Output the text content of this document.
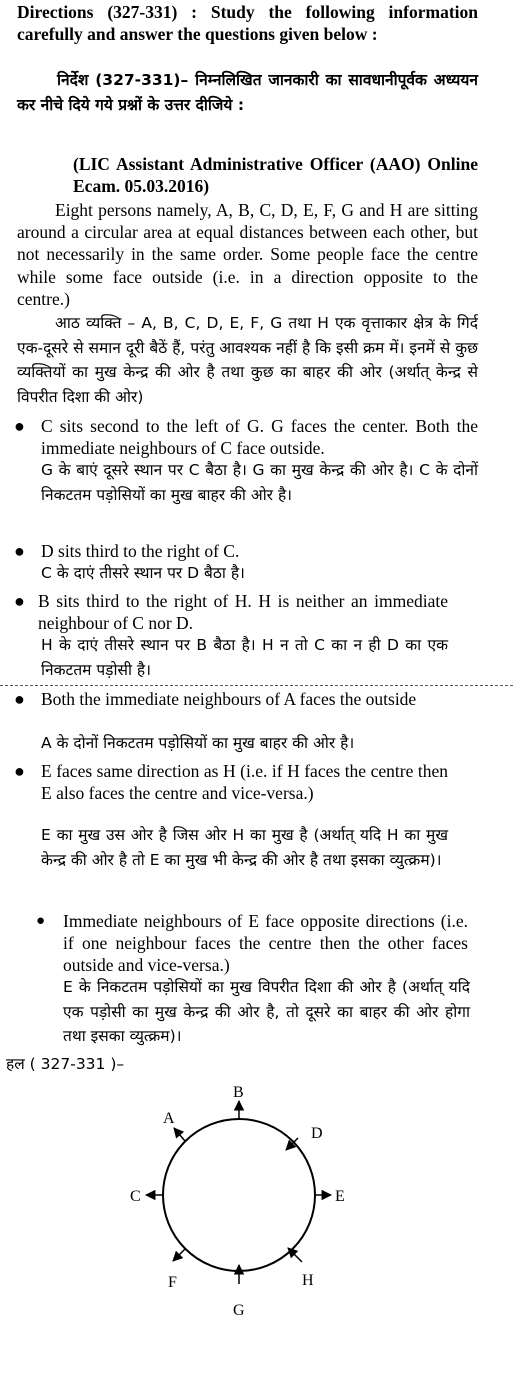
Directions (327-331) : Study the following information carefully and answer the questions given below :

निर्देश (327-331)– निम्नलिखित जानकारी का सावधानीपूर्वक अध्ययन कर नीचे दिये गये प्रश्नों के उत्तर दीजिये :

(LIC Assistant Administrative Officer (AAO) Online Ecam. 05.03.2016)

Eight persons namely, A, B, C, D, E, F, G and H are sitting around a circular area at equal distances between each other, but not necessarily in the same order. Some people face the centre while some face outside (i.e. in a direction opposite to the centre.)

आठ व्यक्ति – A, B, C, D, E, F, G तथा H एक वृत्ताकार क्षेत्र के गिर्द एक-दूसरे से समान दूरी बैठें हैं, परंतु आवश्यक नहीं है कि इसी क्रम में। इनमें से कुछ व्यक्तियों का मुख केन्द्र की ओर है तथा कुछ का बाहर की ओर (अर्थात् केन्द्र से विपरीत दिशा की ओर)

● C sits second to the left of G. G faces the center. Both the immediate neighbours of C face outside.

G के बाएं दूसरे स्थान पर C बैठा है। G का मुख केन्द्र की ओर है। C के दोनों निकटतम पड़ोसियों का मुख बाहर की ओर है।

● D sits third to the right of C.

C के दाएं तीसरे स्थान पर D बैठा है।

● B sits third to the right of H. H is neither an immediate neighbour of C nor D.

H के दाएं तीसरे स्थान पर B बैठा है। H न तो C का न ही D का एक निकटतम पड़ोसी है।

● Both the immediate neighbours of A faces the outside

A के दोनों निकटतम पड़ोसियों का मुख बाहर की ओर है।

● E faces same direction as H (i.e. if H faces the centre then E also faces the centre and vice-versa.)

E का मुख उस ओर है जिस ओर H का मुख है (अर्थात् यदि H का मुख केन्द्र की ओर है तो E का मुख भी केन्द्र की ओर है तथा इसका व्युत्क्रम)।

● Immediate neighbours of E face opposite directions (i.e. if one neighbour faces the centre then the other faces outside and vice-versa.)

E के निकटतम पड़ोसियों का मुख विपरीत दिशा की ओर है (अर्थात् यदि एक पड़ोसी का मुख केन्द्र की ओर है, तो दूसरे का बाहर की ओर होगा तथा इसका व्युत्क्रम)।

हल ( 327-331 )–

B
D
E
H
G
F
C
A
